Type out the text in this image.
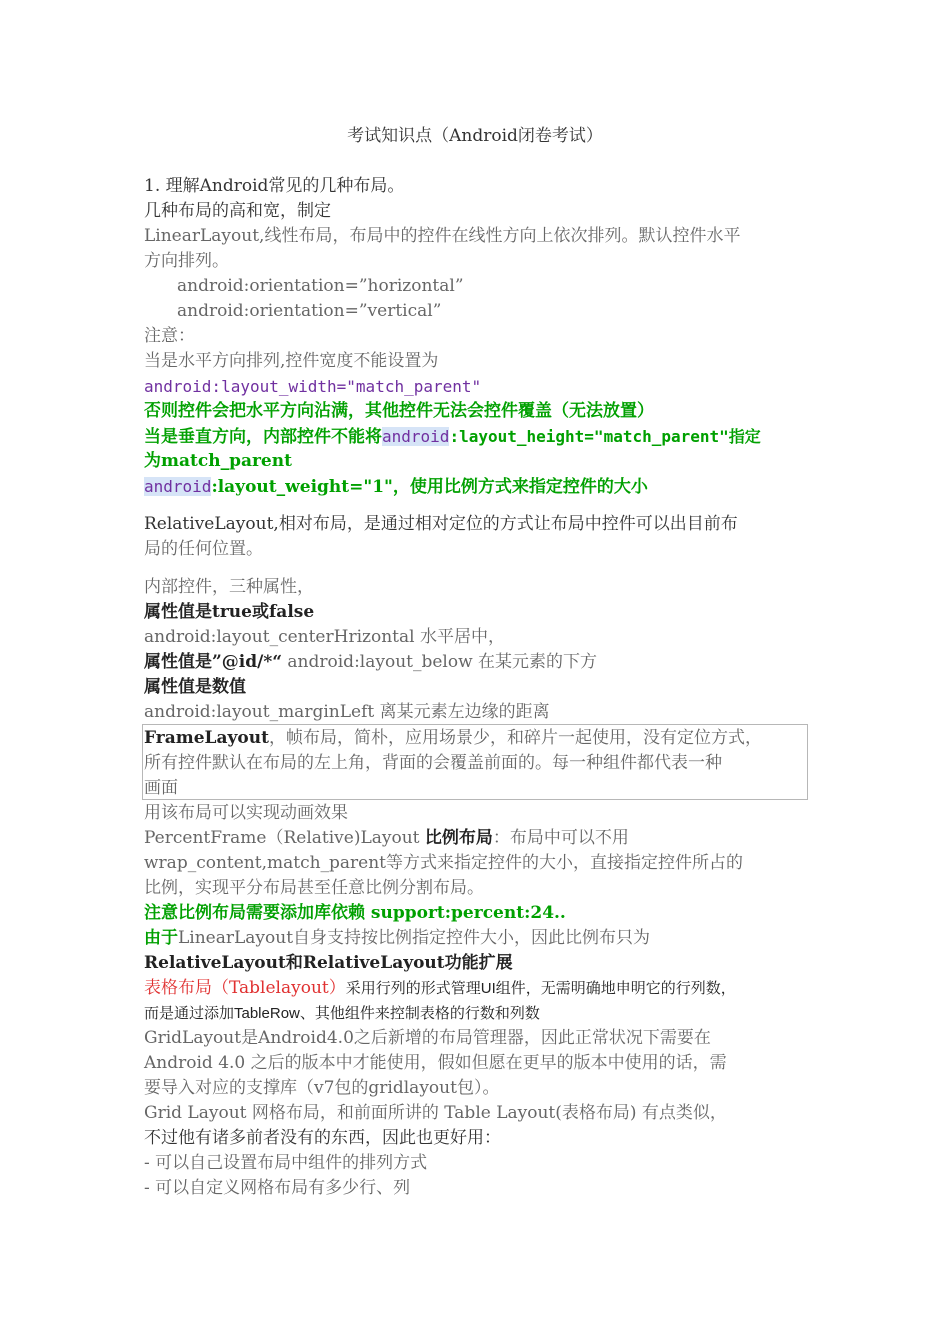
考试知识点（Android闭卷考试）
1. 理解Android常见的几种布局。
几种布局的高和宽，制定
LinearLayout,线性布局，布局中的控件在线性方向上依次排列。默认控件水平
方向排列。
android:orientation=”horizontal”
android:orientation=”vertical”
注意：
当是水平方向排列,控件宽度不能设置为
android:layout_width="match_parent"
否则控件会把水平方向沾满，其他控件无法会控件覆盖（无法放置）
当是垂直方向，内部控件不能将android:layout_height="match_parent"指定
为match_parent
android:layout_weight="1"，使用比例方式来指定控件的大小
RelativeLayout,相对布局，是通过相对定位的方式让布局中控件可以出目前布
局的任何位置。
内部控件，三种属性，
属性值是true或false
android:layout_centerHrizontal 水平居中，
属性值是”@id/*“ android:layout_below 在某元素的下方
属性值是数值
android:layout_marginLeft 离某元素左边缘的距离
FrameLayout，帧布局，简朴，应用场景少，和碎片一起使用，没有定位方式，
所有控件默认在布局的左上角，背面的会覆盖前面的。每一种组件都代表一种
画面
用该布局可以实现动画效果
PercentFrame（Relative)Layout 比例布局：布局中可以不用
wrap_content,match_parent等方式来指定控件的大小，直接指定控件所占的
比例，实现平分布局甚至任意比例分割布局。
注意比例布局需要添加库依赖 support:percent:24..
由于LinearLayout自身支持按比例指定控件大小，因此比例布只为
RelativeLayout和RelativeLayout功能扩展
表格布局（Tablelayout）采用行列的形式管理UI组件，无需明确地申明它的行列数，
而是通过添加TableRow、其他组件来控制表格的行数和列数
GridLayout是Android4.0之后新增的布局管理器，因此正常状况下需要在
Android 4.0 之后的版本中才能使用，假如但愿在更早的版本中使用的话，需
要导入对应的支撑库（v7包的gridlayout包）。
Grid Layout 网格布局，和前面所讲的 Table Layout(表格布局) 有点类似，
不过他有诸多前者没有的东西，因此也更好用：
- 可以自己设置布局中组件的排列方式
- 可以自定义网格布局有多少行、列
